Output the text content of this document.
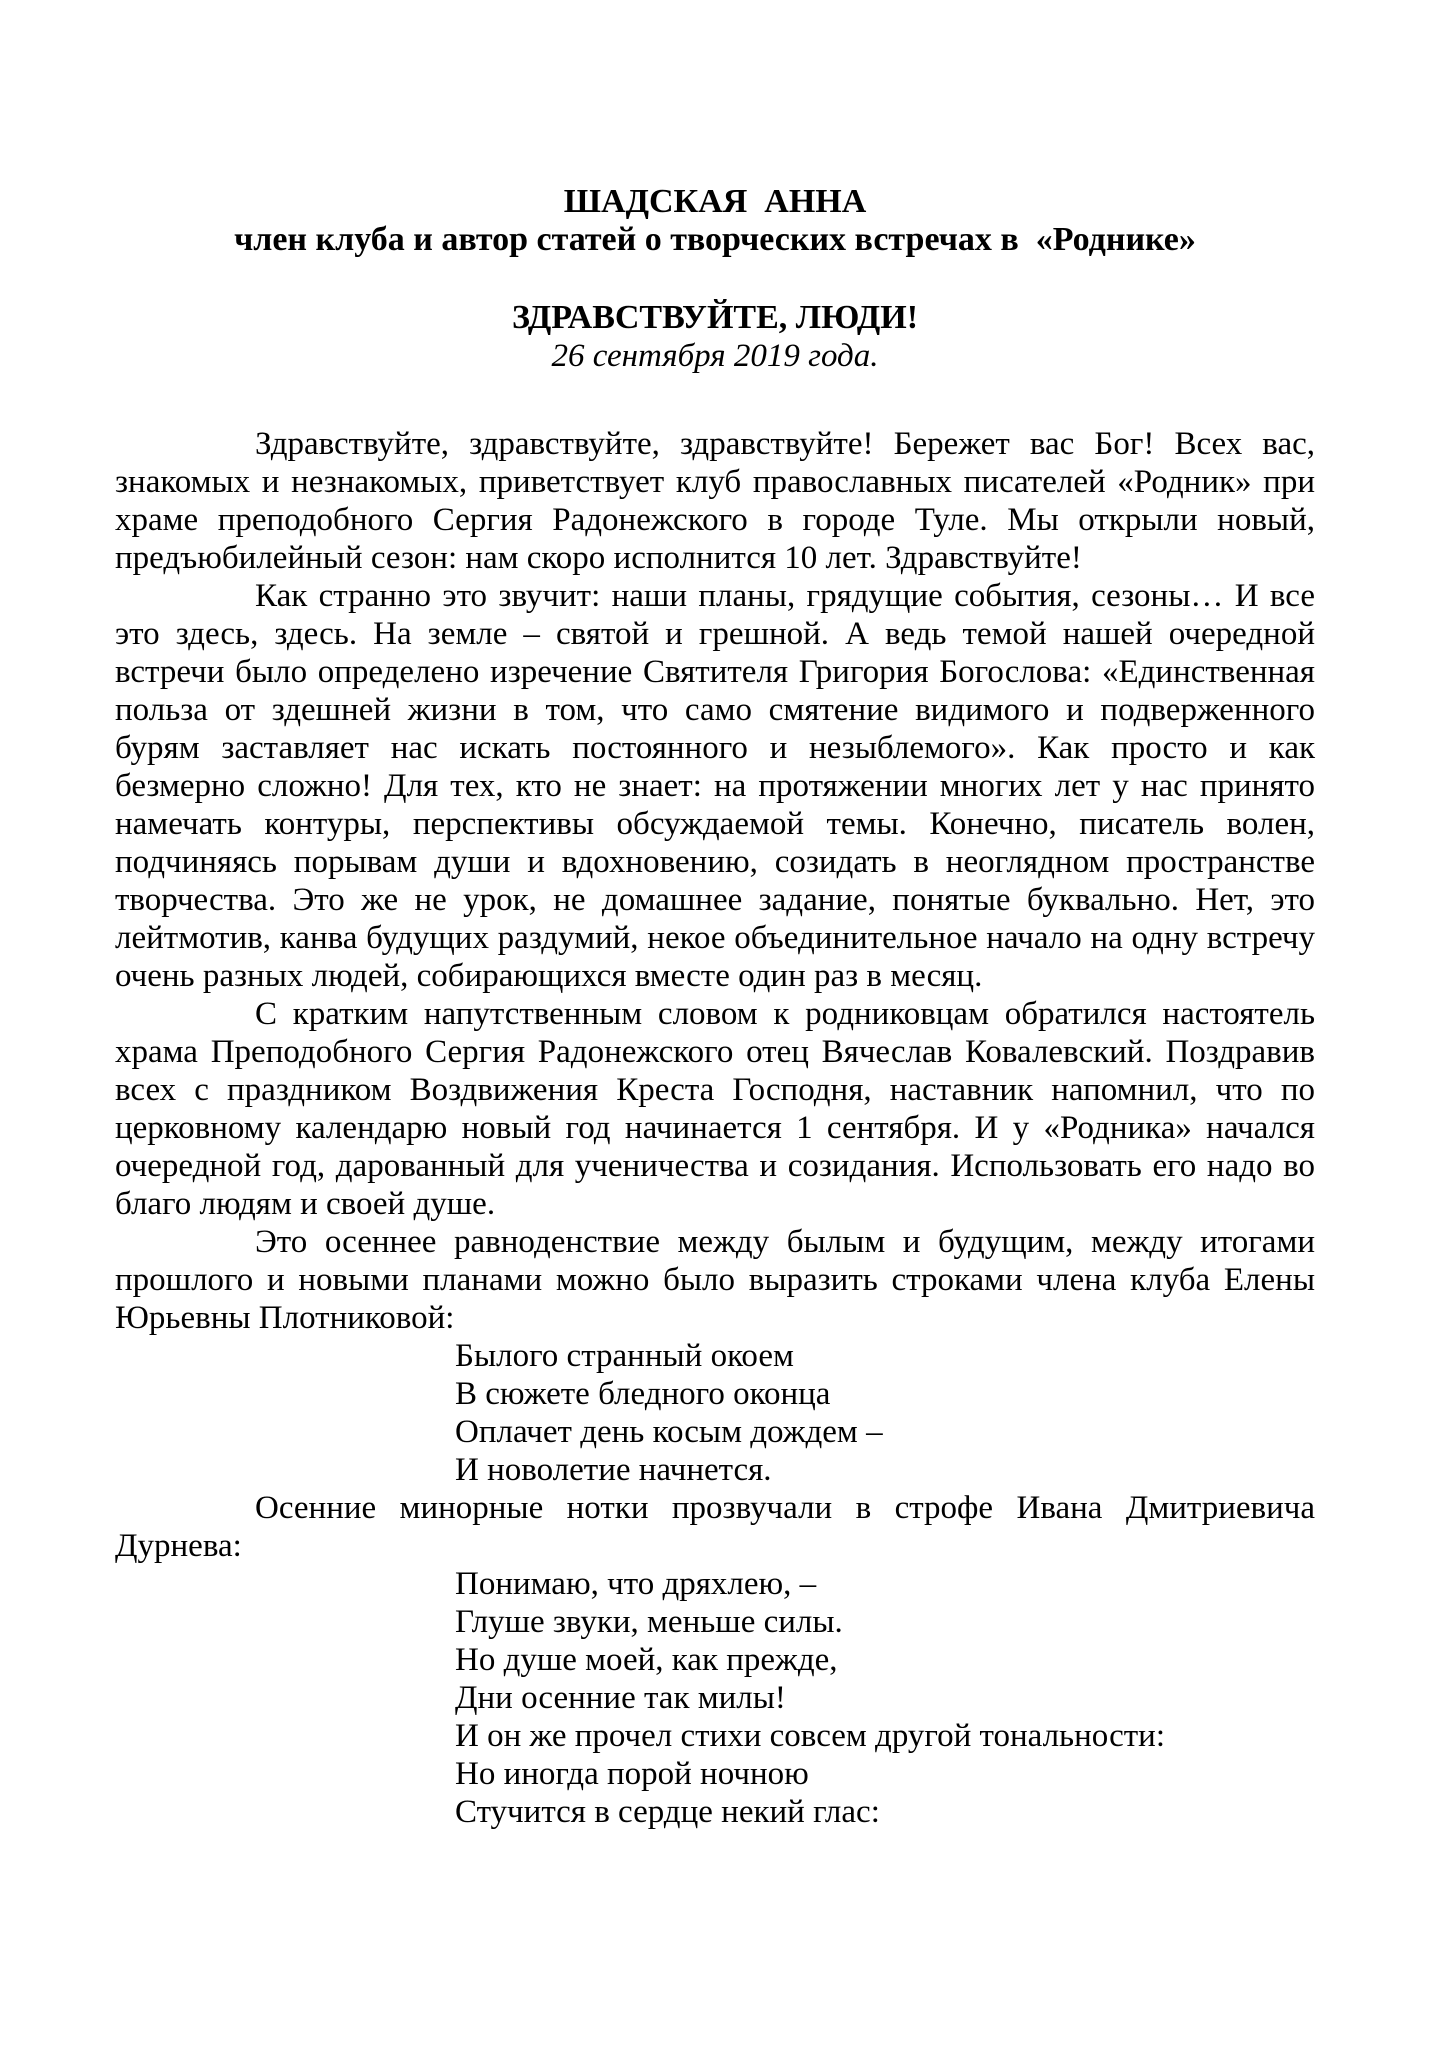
ШАДСКАЯ  АННА
член клуба и автор статей о творческих встречах в  «Роднике»
ЗДРАВСТВУЙТЕ, ЛЮДИ!
26 сентября 2019 года.

Здравствуйте, здравствуйте, здравствуйте! Бережет вас Бог! Всех вас, знакомых и незнакомых, приветствует клуб православных писателей «Родник» при храме преподобного Сергия Радонежского в городе Туле. Мы открыли новый, предъюбилейный сезон: нам скоро исполнится 10 лет. Здравствуйте!

Как странно это звучит: наши планы, грядущие события, сезоны… И все это здесь, здесь. На земле – святой и грешной. А ведь темой нашей очередной встречи было определено изречение Святителя Григория Богослова: «Единственная польза от здешней жизни в том, что само смятение видимого и подверженного бурям заставляет нас искать постоянного и незыблемого». Как просто и как безмерно сложно! Для тех, кто не знает: на протяжении многих лет у нас принято намечать контуры, перспективы обсуждаемой темы. Конечно, писатель волен, подчиняясь порывам души и вдохновению, созидать в неоглядном пространстве творчества. Это же не урок, не домашнее задание, понятые буквально. Нет, это лейтмотив, канва будущих раздумий, некое объединительное начало на одну встречу очень разных людей, собирающихся вместе один раз в месяц.

С кратким напутственным словом к родниковцам обратился настоятель храма Преподобного Сергия Радонежского отец Вячеслав Ковалевский. Поздравив всех с праздником Воздвижения Креста Господня, наставник напомнил, что по церковному календарю новый год начинается 1 сентября. И у «Родника» начался очередной год, дарованный для ученичества и созидания. Использовать его надо во благо людям и своей душе.

Это осеннее равноденствие между былым и будущим, между итогами прошлого и новыми планами можно было выразить строками члена клуба Елены Юрьевны Плотниковой:

Былого странный окоем
В сюжете бледного оконца
Оплачет день косым дождем –
И новолетие начнется.

Осенние минорные нотки прозвучали в строфе Ивана Дмитриевича Дурнева:

Понимаю, что дряхлею, –
Глуше звуки, меньше силы.
Но душе моей, как прежде,
Дни осенние так милы!
И он же прочел стихи совсем другой тональности:
Но иногда порой ночною
Стучится в сердце некий глас:
